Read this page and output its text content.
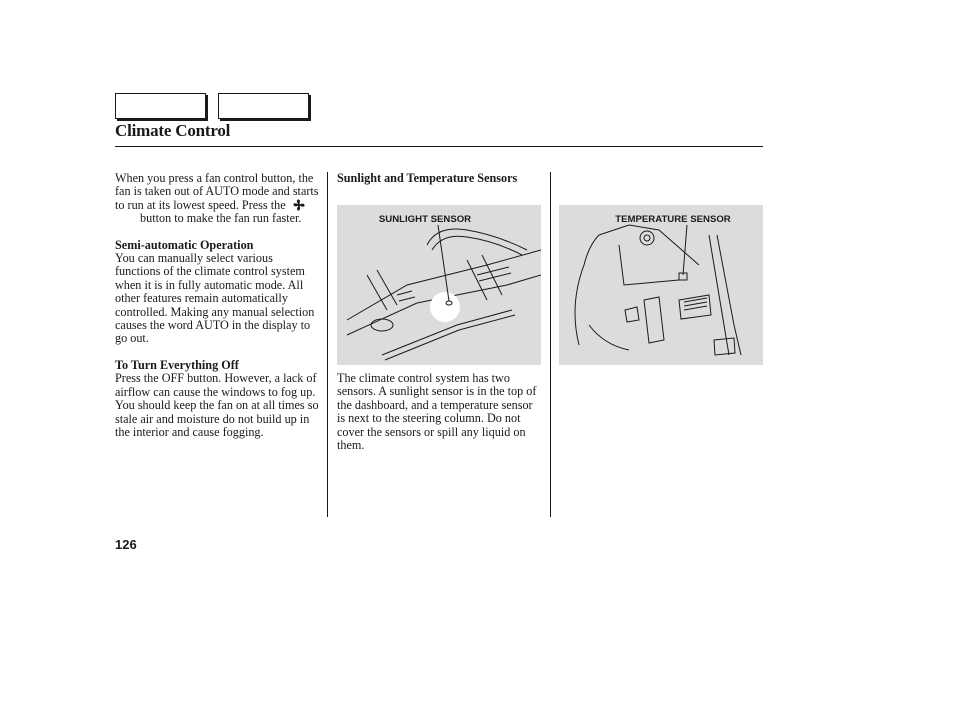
Climate Control

When you press a fan control button, the fan is taken out of AUTO mode and starts to run at its lowest speed. Press the  button to make the fan run faster.

Semi-automatic Operation

You can manually select various functions of the climate control system when it is in fully automatic mode. All other features remain automatically controlled. Making any manual selection causes the word AUTO in the display to go out.

To Turn Everything Off

Press the OFF button. However, a lack of airflow can cause the windows to fog up. You should keep the fan on at all times so stale air and moisture do not build up in the interior and cause fogging.

Sunlight and Temperature Sensors

SUNLIGHT SENSOR	TEMPERATURE SENSOR

The climate control system has two sensors. A sunlight sensor is in the top of the dashboard, and a temperature sensor is next to the steering column. Do not cover the sensors or spill any liquid on them.

126
